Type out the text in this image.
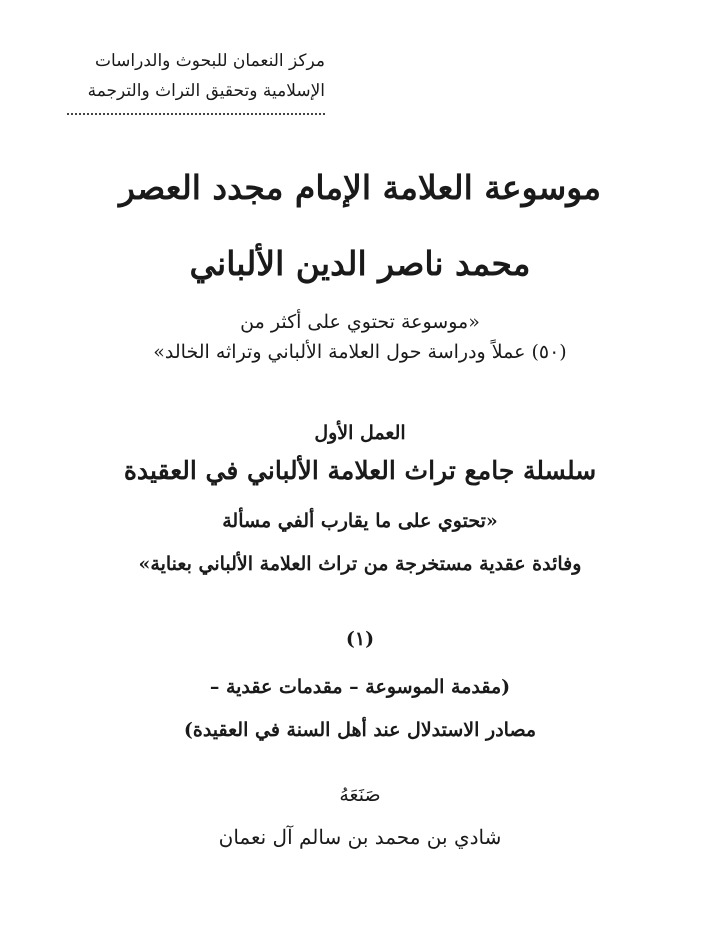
مركز النعمان للبحوث والدراسات
الإسلامية وتحقيق التراث والترجمة
موسوعة العلامة الإمام مجدد العصر
محمد ناصر الدين الألباني
«موسوعة تحتوي على أكثر من
(٥٠) عملاً ودراسة حول العلامة الألباني وتراثه الخالد»
العمل الأول
سلسلة جامع تراث العلامة الألباني في العقيدة
«تحتوي على ما يقارب ألفي مسألة
وفائدة عقدية مستخرجة من تراث العلامة الألباني بعناية»
(١)
(مقدمة الموسوعة – مقدمات عقدية –
مصادر الاستدلال عند أهل السنة في العقيدة)
صَنَعَهُ
شادي بن محمد بن سالم آل نعمان
